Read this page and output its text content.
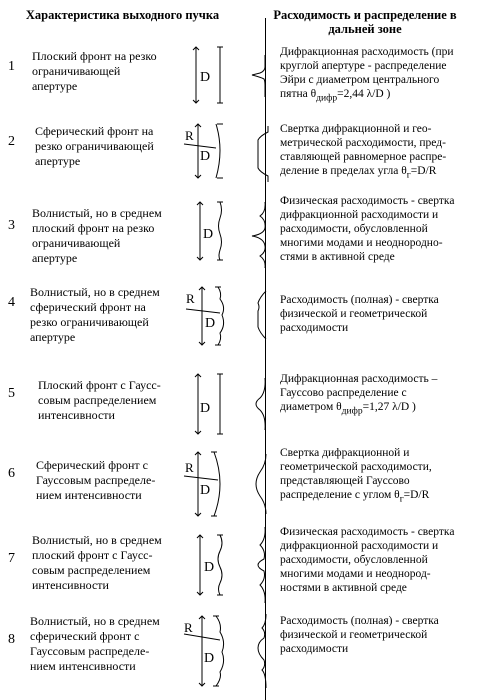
Характеристика выходного пучка	Расходимость и распределение в дальней зоне
1
Плоский фронт на резко
ограничивающей
апертуре
D
Дифракционная расходимость (при
круглой апертуре - распределение
Эйри с диаметром центрального
пятна $\theta_{дифр}=2,44$ λ/D )
2
Сферический фронт на
резко ограничивающей
апертуре
R
D
Свертка дифракционной и гео-
метрической расходимости, пред-
ставляющей равномерное распре-
деление в пределах угла $\theta_г=D/R$
3
Волнистый, но в среднем
плоский фронт на резко
ограничивающей
апертуре
D
Физическая расходимость - свертка
дифракционной расходимости и
расходимости, обусловленной
многими модами и неоднородно-
стями в активной среде
4
Волнистый, но в среднем
сферический фронт на
резко ограничивающей
апертуре
R
D
Расходимость (полная) - свертка
физической и геометрической
расходимости
5
Плоский фронт с Гаусс-
совым распределением
интенсивности	D
Дифракционная расходимость –
Гауссово распределение с
диаметром $\theta_{дифр}=1,27$ λ/D )
6
Сферический фронт с
Гауссовым распределе-
нием интенсивности
R
D
Свертка дифракционной и
геометрической расходимости,
представляющей Гауссово
распределение с углом $\theta_г=D/R$
7
Волнистый, но в среднем
плоский фронт с Гаусс-
совым распределением
интенсивности
D
Физическая расходимость - свертка
дифракционной расходимости и
расходимости, обусловленной
многими модами и неоднород-
ностями в активной среде
8
Волнистый, но в среднем
сферический фронт с
Гауссовым распределе-
нием интенсивности
R
D
Расходимость (полная) - свертка
физической и геометрической
расходимости
